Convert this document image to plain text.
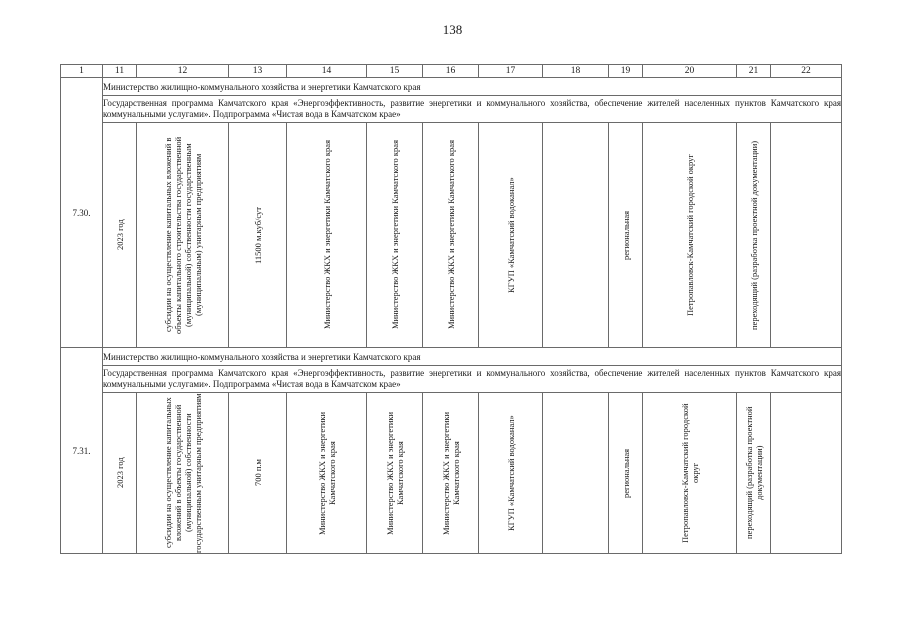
138
1	11	12	13	14	15	16	17	18	19	20	21	22
7.30.	Министерство жилищно-коммунального хозяйства и энергетики Камчатского края											
	Государственная программа Камчатского края «Энергоэффективность, развитие энергетики и коммунального хозяйства, обеспечение жителей населенных пунктов Камчатского края коммунальными услугами». Подпрограмма «Чистая вода в Камчатском крае»											

2023 год	субсидии на осуществление капитальных вложений в объекты капитального строительства государственной (муниципальной) собственности государственным (муниципальным) унитарным предприятиям	11500 м.куб/сут	Министерство ЖКХ и энергетики Камчатского края	Министерство ЖКХ и энергетики Камчатского края	Министерство ЖКХ и энергетики Камчатского края	КГУП «Камчатский водоканал»		региональная	Петропавловск-Камчатский городской округ	переходящий (разработка проектной документации)	

7.31.	Министерство жилищно-коммунального хозяйства и энергетики Камчатского края											
	Государственная программа Камчатского края «Энергоэффективность, развитие энергетики и коммунального хозяйства, обеспечение жителей населенных пунктов Камчатского края коммунальными услугами». Подпрограмма «Чистая вода в Камчатском крае»											

2023 год	субсидии на осуществление капитальных вложений в объекты государственной (муниципальной) собственности государственным унитарным предприятиям	700 п.м	Министерство ЖКХ и энергетики Камчатского края	Министерство ЖКХ и энергетики Камчатского края	Министерство ЖКХ и энергетики Камчатского края	КГУП «Камчатский водоканал»		региональная	Петропавловск-Камчатский городской округ	переходящий (разработка проектной документации)	
